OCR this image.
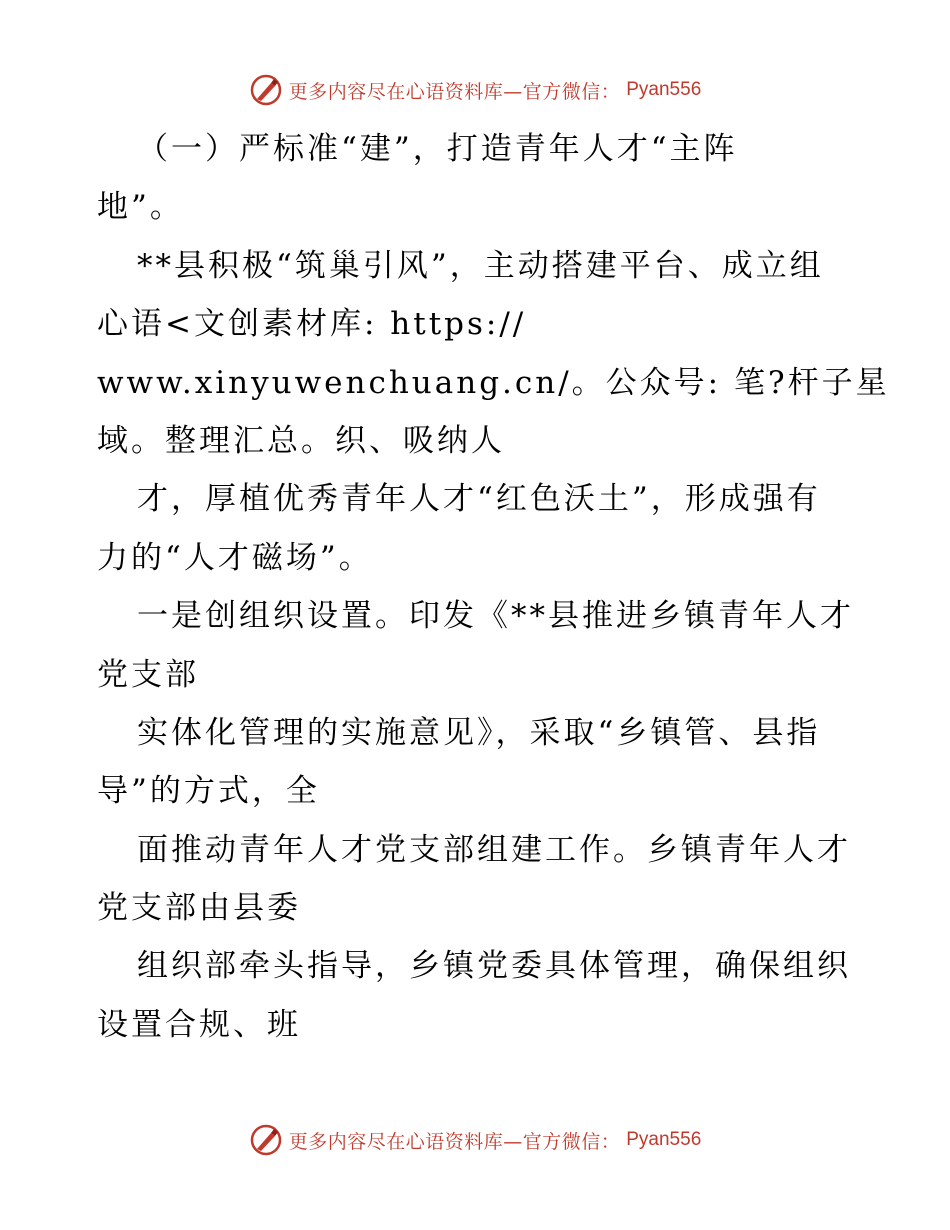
更多内容尽在心语资料库—官方微信： Pyan556
（一）严标准“建”，打造青年人才“主阵
地”。
**县积极“筑巢引风”，主动搭建平台、成立组
心语<文创素材库: https://
www.xinyuwenchuang.cn/。公众号: 笔?杆子星
域。整理汇总。织、吸纳人
才，厚植优秀青年人才“红色沃土”，形成强有
力的“人才磁场”。
一是创组织设置。印发《**县推进乡镇青年人才
党支部
实体化管理的实施意见》，采取“乡镇管、县指
导”的方式，全
面推动青年人才党支部组建工作。乡镇青年人才
党支部由县委
组织部牵头指导，乡镇党委具体管理，确保组织
设置合规、班
更多内容尽在心语资料库—官方微信： Pyan556
